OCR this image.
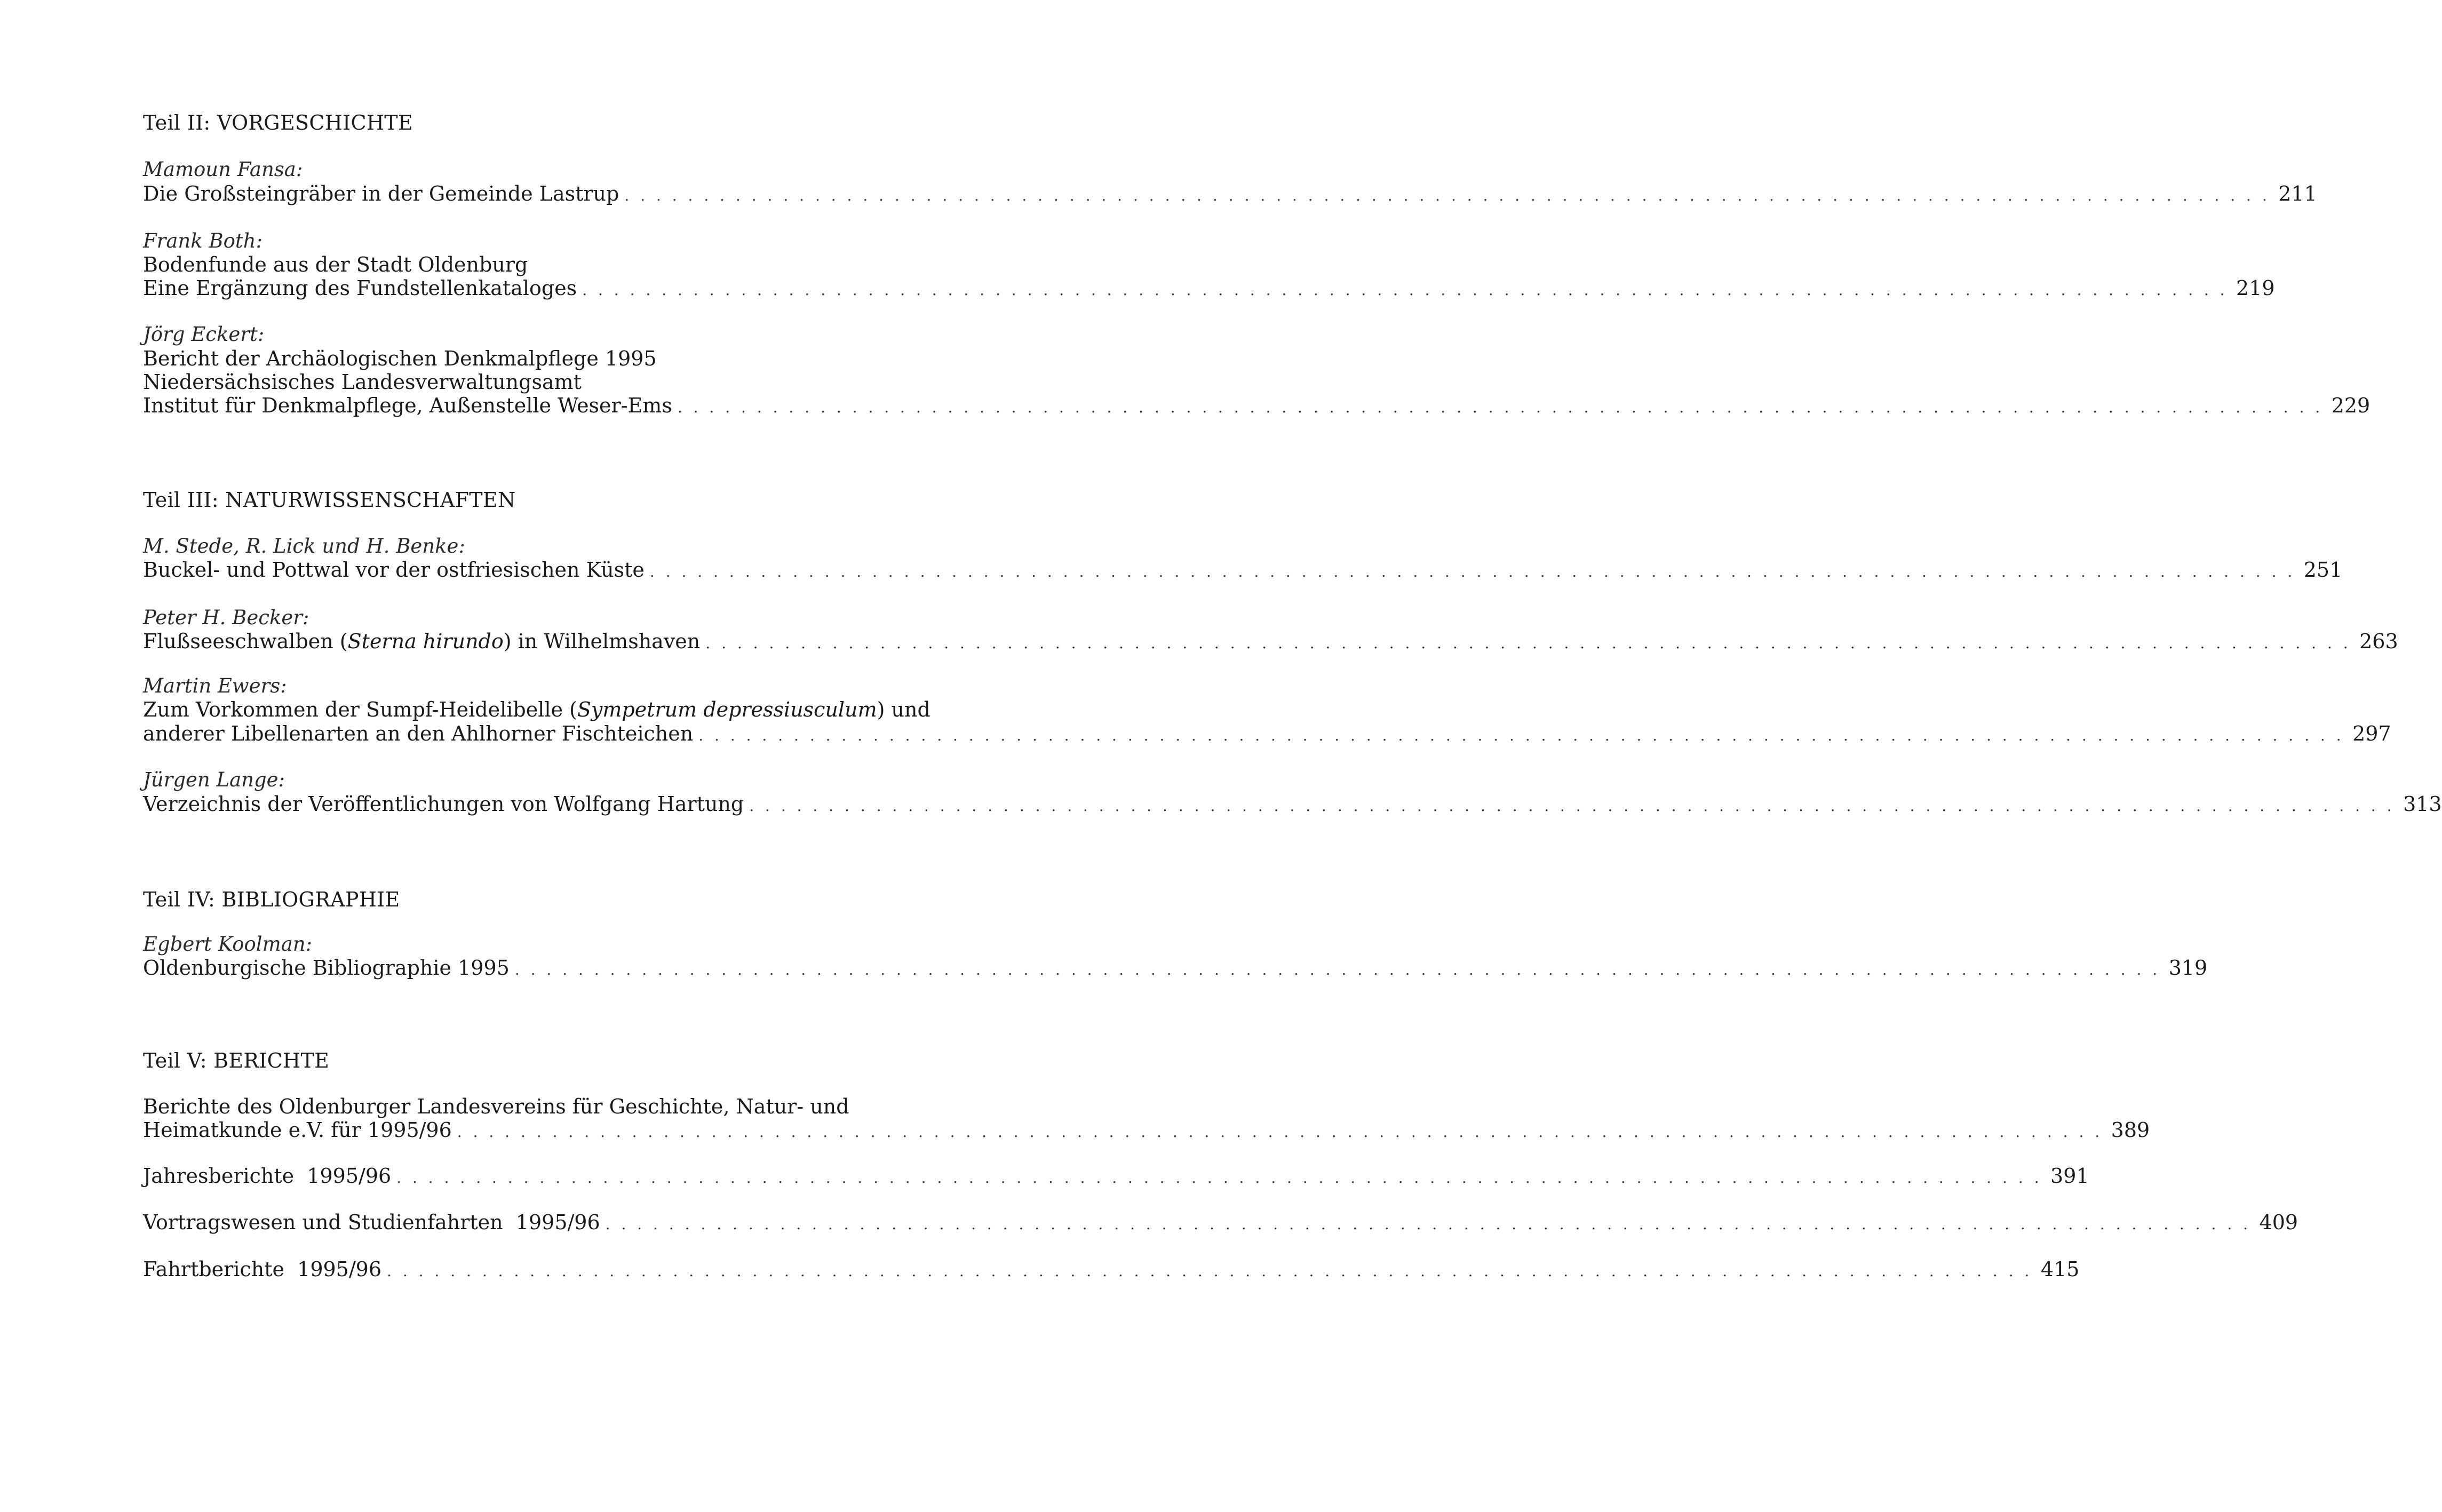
Teil II: VORGESCHICHTE
Mamoun Fansa:
Die Großsteingräber in der Gemeinde Lastrup . . . . . . . . . . . . . . . . . . . . . . . . . . . . . . . . . . . . . . . . . . . . . . . . . . . . . . . . . . . . . . . . . . . . . . . . . . . . . . . . . . . . . . . . . . . . . . . . . . . . . . . . 211
Frank Both:
Bodenfunde aus der Stadt Oldenburg
Eine Ergänzung des Fundstellenkataloges . . . . . . . . . . . . . . . . . . . . . . . . . . . . . . . . . . . . . . . . . . . . . . . . . . . . . . . . . . . . . . . . . . . . . . . . . . . . . . . . . . . . . . . . . . . . . . . . . . . . . . . . 219
Jörg Eckert:
Bericht der Archäologischen Denkmalpflege 1995
Niedersächsisches Landesverwaltungsamt
Institut für Denkmalpflege, Außenstelle Weser-Ems . . . . . . . . . . . . . . . . . . . . . . . . . . . . . . . . . . . . . . . . . . . . . . . . . . . . . . . . . . . . . . . . . . . . . . . . . . . . . . . . . . . . . . . . . . . . . . . . . . . . . . . . 229
Teil III: NATURWISSENSCHAFTEN
M. Stede, R. Lick und H. Benke:
Buckel- und Pottwal vor der ostfriesischen Küste . . . . . . . . . . . . . . . . . . . . . . . . . . . . . . . . . . . . . . . . . . . . . . . . . . . . . . . . . . . . . . . . . . . . . . . . . . . . . . . . . . . . . . . . . . . . . . . . . . . . . . . . 251
Peter H. Becker:
Flußseeschwalben (Sterna hirundo) in Wilhelmshaven . . . . . . . . . . . . . . . . . . . . . . . . . . . . . . . . . . . . . . . . . . . . . . . . . . . . . . . . . . . . . . . . . . . . . . . . . . . . . . . . . . . . . . . . . . . . . . . . . . . . . . . . 263
Martin Ewers:
Zum Vorkommen der Sumpf-Heidelibelle (Sympetrum depressiusculum) und
anderer Libellenarten an den Ahlhorner Fischteichen . . . . . . . . . . . . . . . . . . . . . . . . . . . . . . . . . . . . . . . . . . . . . . . . . . . . . . . . . . . . . . . . . . . . . . . . . . . . . . . . . . . . . . . . . . . . . . . . . . . . . . . . 297
Jürgen Lange:
Verzeichnis der Veröffentlichungen von Wolfgang Hartung . . . . . . . . . . . . . . . . . . . . . . . . . . . . . . . . . . . . . . . . . . . . . . . . . . . . . . . . . . . . . . . . . . . . . . . . . . . . . . . . . . . . . . . . . . . . . . . . . . . . . . . . 313
Teil IV: BIBLIOGRAPHIE
Egbert Koolman:
Oldenburgische Bibliographie 1995 . . . . . . . . . . . . . . . . . . . . . . . . . . . . . . . . . . . . . . . . . . . . . . . . . . . . . . . . . . . . . . . . . . . . . . . . . . . . . . . . . . . . . . . . . . . . . . . . . . . . . . . . 319
Teil V: BERICHTE
Berichte des Oldenburger Landesvereins für Geschichte, Natur- und
Heimatkunde e.V. für 1995/96 . . . . . . . . . . . . . . . . . . . . . . . . . . . . . . . . . . . . . . . . . . . . . . . . . . . . . . . . . . . . . . . . . . . . . . . . . . . . . . . . . . . . . . . . . . . . . . . . . . . . . . . . 389
Jahresberichte  1995/96 . . . . . . . . . . . . . . . . . . . . . . . . . . . . . . . . . . . . . . . . . . . . . . . . . . . . . . . . . . . . . . . . . . . . . . . . . . . . . . . . . . . . . . . . . . . . . . . . . . . . . . . . 391
Vortragswesen und Studienfahrten  1995/96 . . . . . . . . . . . . . . . . . . . . . . . . . . . . . . . . . . . . . . . . . . . . . . . . . . . . . . . . . . . . . . . . . . . . . . . . . . . . . . . . . . . . . . . . . . . . . . . . . . . . . . . . 409
Fahrtberichte  1995/96 . . . . . . . . . . . . . . . . . . . . . . . . . . . . . . . . . . . . . . . . . . . . . . . . . . . . . . . . . . . . . . . . . . . . . . . . . . . . . . . . . . . . . . . . . . . . . . . . . . . . . . . . 415
